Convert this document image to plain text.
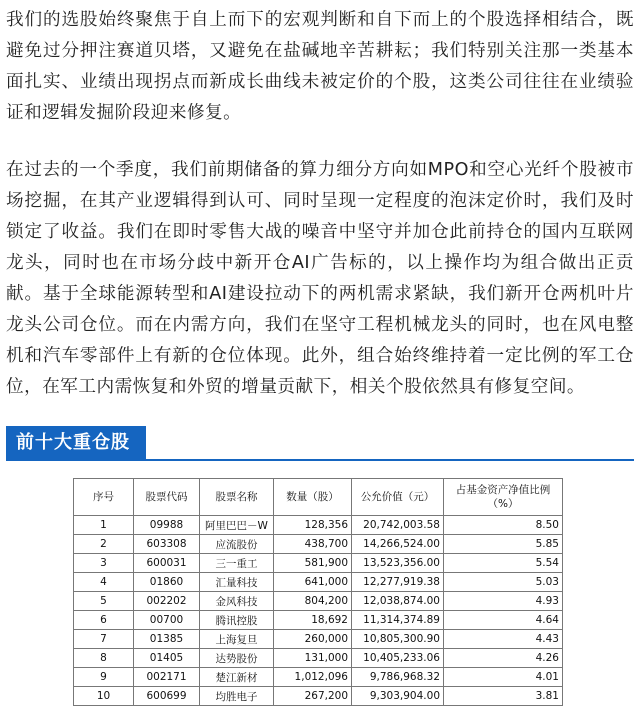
我们的选股始终聚焦于自上而下的宏观判断和自下而上的个股选择相结合，既避免过分押注赛道贝塔，又避免在盐碱地辛苦耕耘；我们特别关注那一类基本面扎实、业绩出现拐点而新成长曲线未被定价的个股，这类公司往往在业绩验证和逻辑发掘阶段迎来修复。

在过去的一个季度，我们前期储备的算力细分方向如MPO和空心光纤个股被市场挖掘，在其产业逻辑得到认可、同时呈现一定程度的泡沫定价时，我们及时锁定了收益。我们在即时零售大战的噪音中坚守并加仓此前持仓的国内互联网龙头，同时也在市场分歧中新开仓AI广告标的，以上操作均为组合做出正贡献。基于全球能源转型和AI建设拉动下的两机需求紧缺，我们新开仓两机叶片龙头公司仓位。而在内需方向，我们在坚守工程机械龙头的同时，也在风电整机和汽车零部件上有新的仓位体现。此外，组合始终维持着一定比例的军工仓位，在军工内需恢复和外贸的增量贡献下，相关个股依然具有修复空间。

前十大重仓股
序号	股票代码	股票名称	数量（股）	公允价值（元）	占基金资产净值比例（%）
1	09988	阿里巴巴－W	128,356	20,742,003.58	8.50
2	603308	应流股份	438,700	14,266,524.00	5.85
3	600031	三一重工	581,900	13,523,356.00	5.54
4	01860	汇量科技	641,000	12,277,919.38	5.03
5	002202	金风科技	804,200	12,038,874.00	4.93
6	00700	腾讯控股	18,692	11,314,374.89	4.64
7	01385	上海复旦	260,000	10,805,300.90	4.43
8	01405	达势股份	131,000	10,405,233.06	4.26
9	002171	楚江新材	1,012,096	9,786,968.32	4.01
10	600699	均胜电子	267,200	9,303,904.00	3.81
